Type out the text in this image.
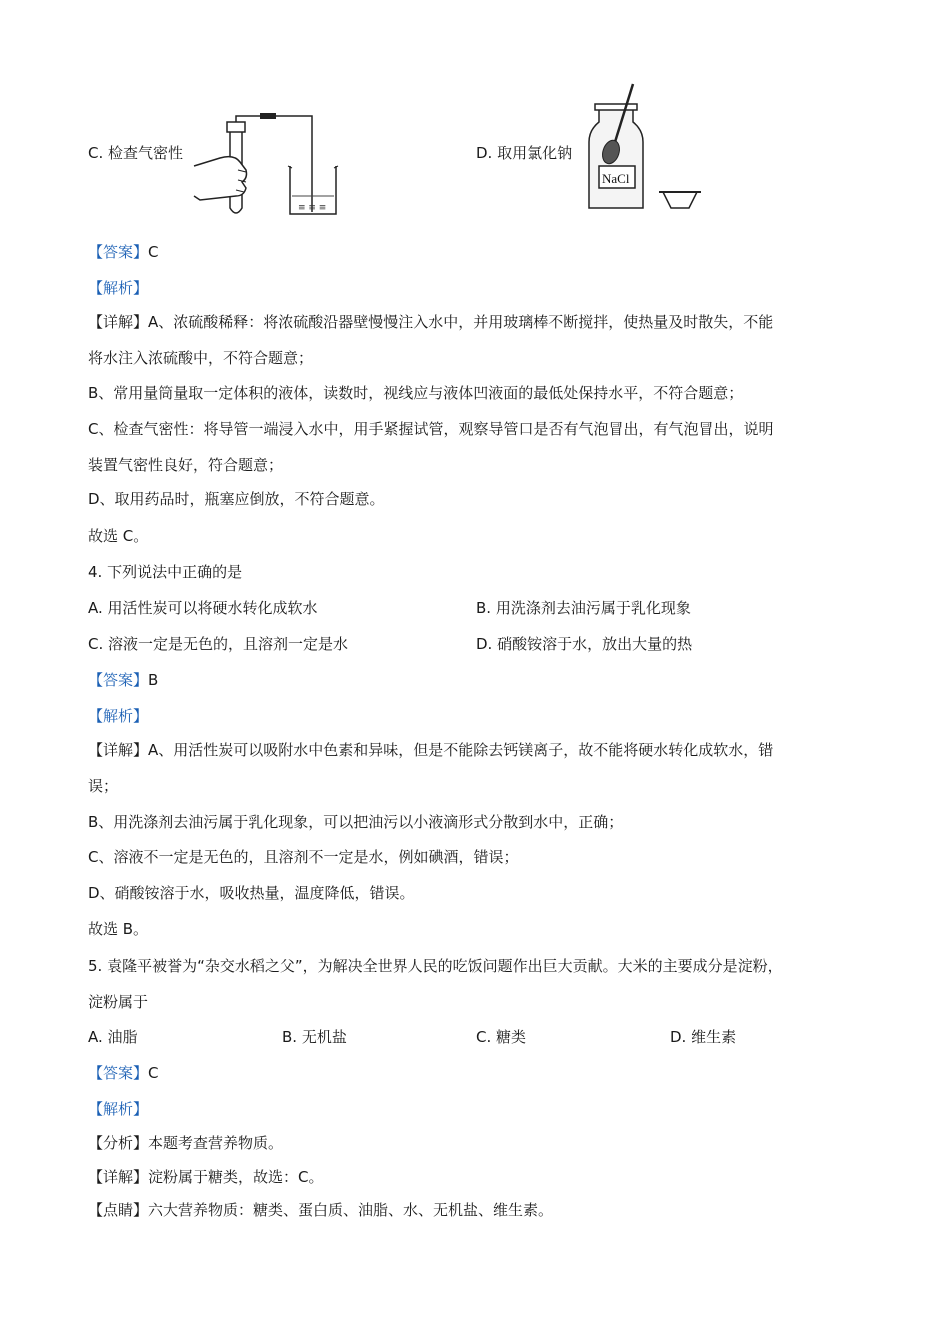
C. 检查气密性
≡ ≡ ≡
D. 取用氯化钠
NaCl
【答案】C
【解析】
【详解】A、浓硫酸稀释：将浓硫酸沿器壁慢慢注入水中，并用玻璃棒不断搅拌，使热量及时散失，不能
将水注入浓硫酸中，不符合题意；
B、常用量筒量取一定体积的液体，读数时，视线应与液体凹液面的最低处保持水平，不符合题意；
C、检查气密性：将导管一端浸入水中，用手紧握试管，观察导管口是否有气泡冒出，有气泡冒出，说明
装置气密性良好，符合题意；
D、取用药品时，瓶塞应倒放，不符合题意。
故选 C。
4. 下列说法中正确的是
A. 用活性炭可以将硬水转化成软水	B. 用洗涤剂去油污属于乳化现象
C. 溶液一定是无色的，且溶剂一定是水	D. 硝酸铵溶于水，放出大量的热
【答案】B
【解析】
【详解】A、用活性炭可以吸附水中色素和异味，但是不能除去钙镁离子，故不能将硬水转化成软水，错
误；
B、用洗涤剂去油污属于乳化现象，可以把油污以小液滴形式分散到水中，正确；
C、溶液不一定是无色的，且溶剂不一定是水，例如碘酒，错误；
D、硝酸铵溶于水，吸收热量，温度降低，错误。
故选 B。
5. 袁隆平被誉为“杂交水稻之父”，为解决全世界人民的吃饭问题作出巨大贡献。大米的主要成分是淀粉，
淀粉属于
A. 油脂	B. 无机盐	C. 糖类	D. 维生素
【答案】C
【解析】
【分析】本题考查营养物质。
【详解】淀粉属于糖类，故选：C。
【点睛】六大营养物质：糖类、蛋白质、油脂、水、无机盐、维生素。
